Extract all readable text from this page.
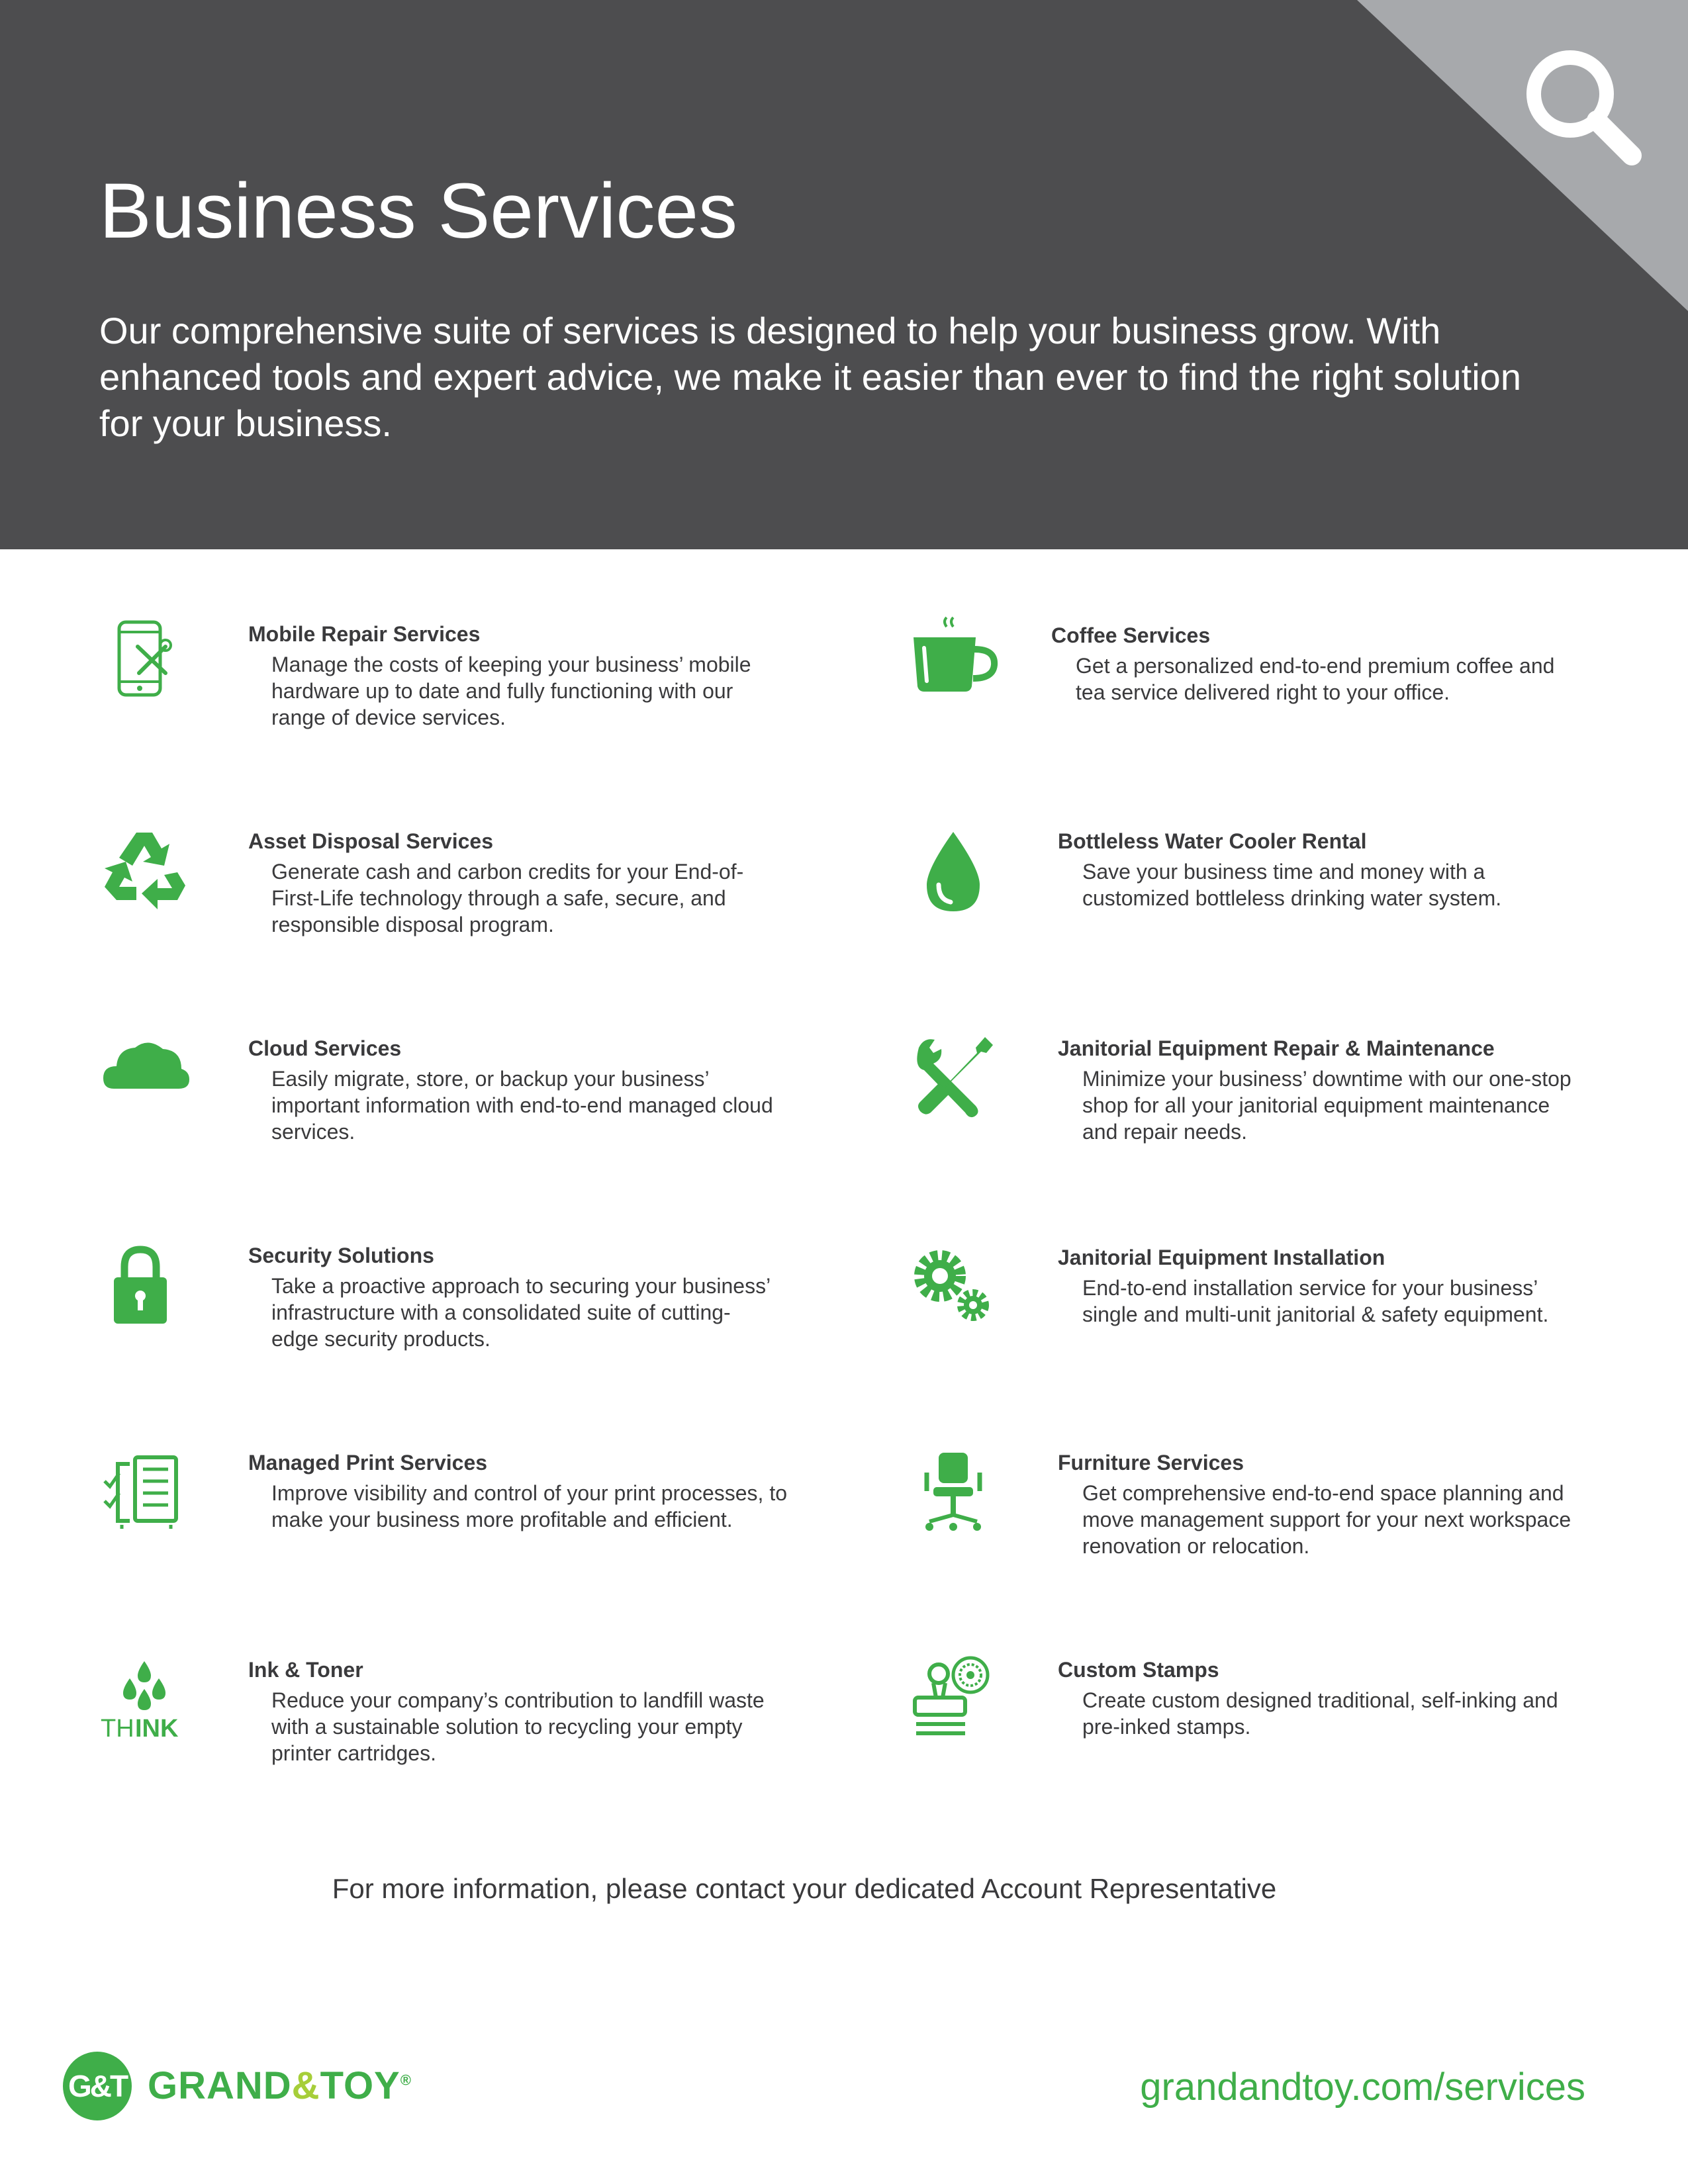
Business Services

Our comprehensive suite of services is designed to help your business grow. With enhanced tools and expert advice, we make it easier than ever to find the right solution for your business.

Mobile Repair Services

Manage the costs of keeping your business’ mobile hardware up to date and fully functioning with our range of device services.

Asset Disposal Services

Generate cash and carbon credits for your End-of-First-Life technology through a safe, secure, and responsible disposal program.

Cloud Services

Easily migrate, store, or backup your business’ important information with end-to-end managed cloud services.

Security Solutions

Take a proactive approach to securing your business’ infrastructure with a consolidated suite of cutting-edge security products.

Managed Print Services

Improve visibility and control of your print processes, to make your business more profitable and efficient.

TH INK
Ink & Toner

Reduce your company’s contribution to landfill waste with a sustainable solution to recycling your empty printer cartridges.

Coffee Services

Get a personalized end-to-end premium coffee and tea service delivered right to your office.

Bottleless Water Cooler Rental

Save your business time and money with a customized bottleless drinking water system.

Janitorial Equipment Repair & Maintenance

Minimize your business’ downtime with our one-stop shop for all your janitorial equipment maintenance and repair needs.

Janitorial Equipment Installation

End-to-end installation service for your business’ single and multi-unit janitorial & safety equipment.

Furniture Services

Get comprehensive end-to-end space planning and move management support for your next workspace renovation or relocation.

Custom Stamps

Create custom designed traditional, self-inking and pre-inked stamps.

For more information, please contact your dedicated Account Representative
G&T GRAND&TOY®	grandandtoy.com/services
